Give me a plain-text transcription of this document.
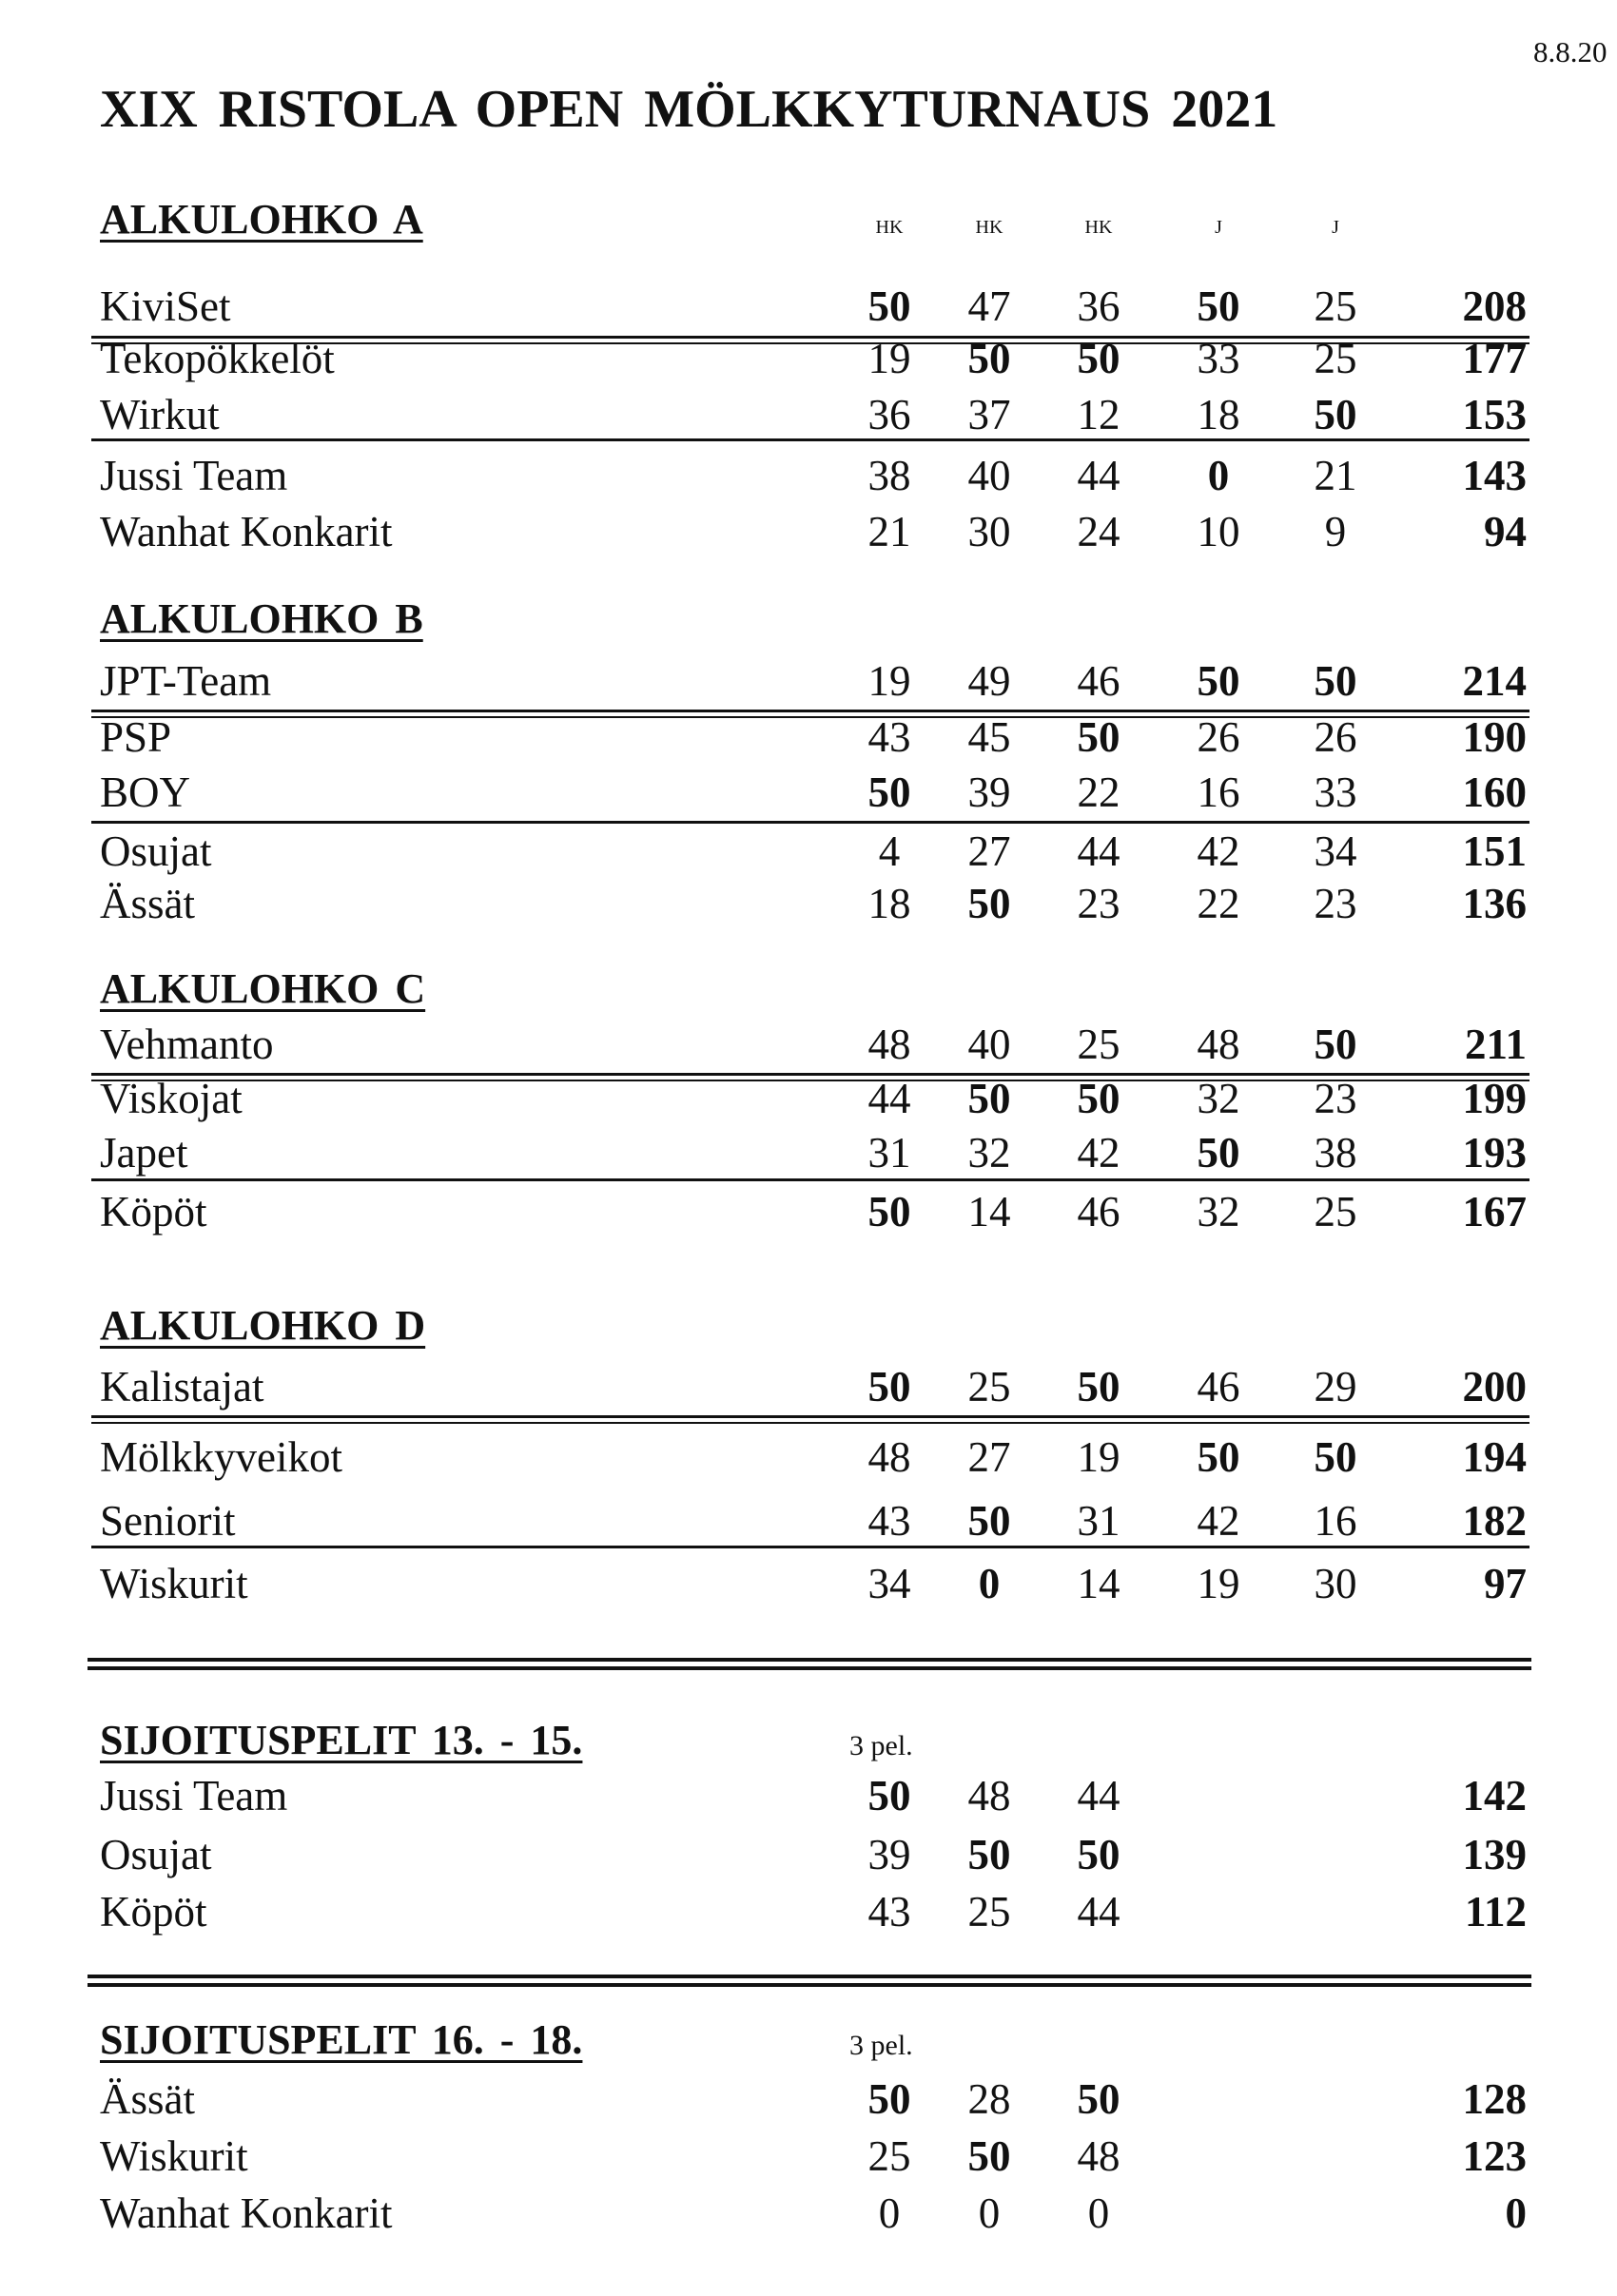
8.8.20
XIX RISTOLA OPEN MÖLKKYTURNAUS 2021
ALKULOHKO A	HK	HK	HK	J	J
KiviSet	50	47	36	50	25	208
Tekopökkelöt	19	50	50	33	25	177
Wirkut	36	37	12	18	50	153
Jussi Team	38	40	44	0	21	143
Wanhat Konkarit	21	30	24	10	9	94
ALKULOHKO B
JPT-Team	19	49	46	50	50	214
PSP	43	45	50	26	26	190
BOY	50	39	22	16	33	160
Osujat	4	27	44	42	34	151
Ässät	18	50	23	22	23	136
ALKULOHKO C
Vehmanto	48	40	25	48	50	211
Viskojat	44	50	50	32	23	199
Japet	31	32	42	50	38	193
Köpöt	50	14	46	32	25	167
ALKULOHKO D
Kalistajat	50	25	50	46	29	200
Mölkkyveikot	48	27	19	50	50	194
Seniorit	43	50	31	42	16	182
Wiskurit	34	0	14	19	30	97
SIJOITUSPELIT 13. - 15.	3 pel.
Jussi Team	50	48	44	142
Osujat	39	50	50	139
Köpöt	43	25	44	112
SIJOITUSPELIT 16. - 18.	3 pel.
Ässät	50	28	50	128
Wiskurit	25	50	48	123
Wanhat Konkarit	0	0	0	0
